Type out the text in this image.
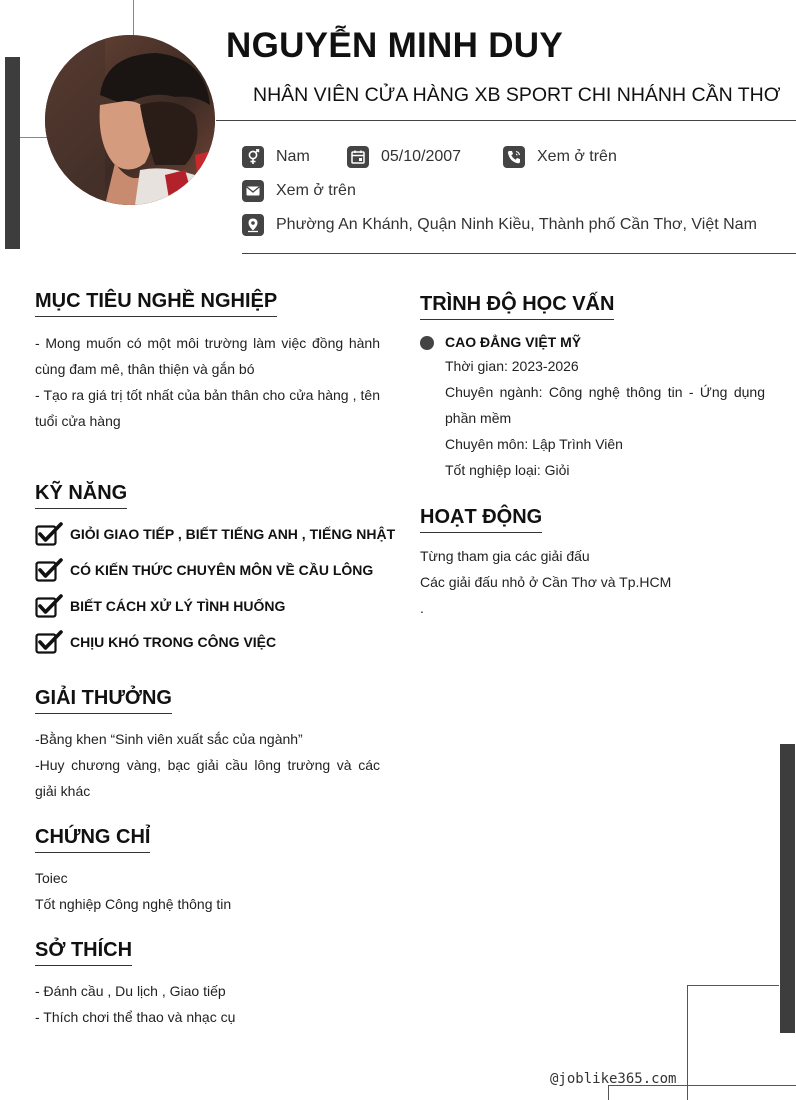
NGUYỄN MINH DUY
NHÂN VIÊN CỬA HÀNG XB SPORT CHI NHÁNH CẦN THƠ
Nam	05/10/2007	Xem ở trên
Xem ở trên
Phường An Khánh, Quận Ninh Kiều, Thành phố Cần Thơ, Việt Nam
MỤC TIÊU NGHỀ NGHIỆP
- Mong muốn có một môi trường làm việc đồng hành cùng đam mê, thân thiện và gắn bó
- Tạo ra giá trị tốt nhất của bản thân cho cửa hàng , tên tuổi cửa hàng
KỸ NĂNG
GIỎI GIAO TIẾP , BIẾT TIẾNG ANH , TIẾNG NHẬT
CÓ KIẾN THỨC CHUYÊN MÔN VỀ CẦU LÔNG
BIẾT CÁCH XỬ LÝ TÌNH HUỐNG
CHỊU KHÓ TRONG CÔNG VIỆC
GIẢI THƯỞNG
-Bằng khen “Sinh viên xuất sắc của ngành”
-Huy chương vàng, bạc giải cầu lông trường và các giải khác
CHỨNG CHỈ
Toiec
Tốt nghiệp Công nghệ thông tin
SỞ THÍCH
- Đánh cầu , Du lịch , Giao tiếp
- Thích chơi thể thao và nhạc cụ
TRÌNH ĐỘ HỌC VẤN
CAO ĐẲNG VIỆT MỸ
Thời gian: 2023-2026
Chuyên ngành: Công nghệ thông tin - Ứng dụng phần mềm
Chuyên môn: Lập Trình Viên
Tốt nghiệp loại: Giỏi
HOẠT ĐỘNG
Từng tham gia các giải đấu
Các giải đấu nhỏ ở Cần Thơ và Tp.HCM
.
@joblike365.com
